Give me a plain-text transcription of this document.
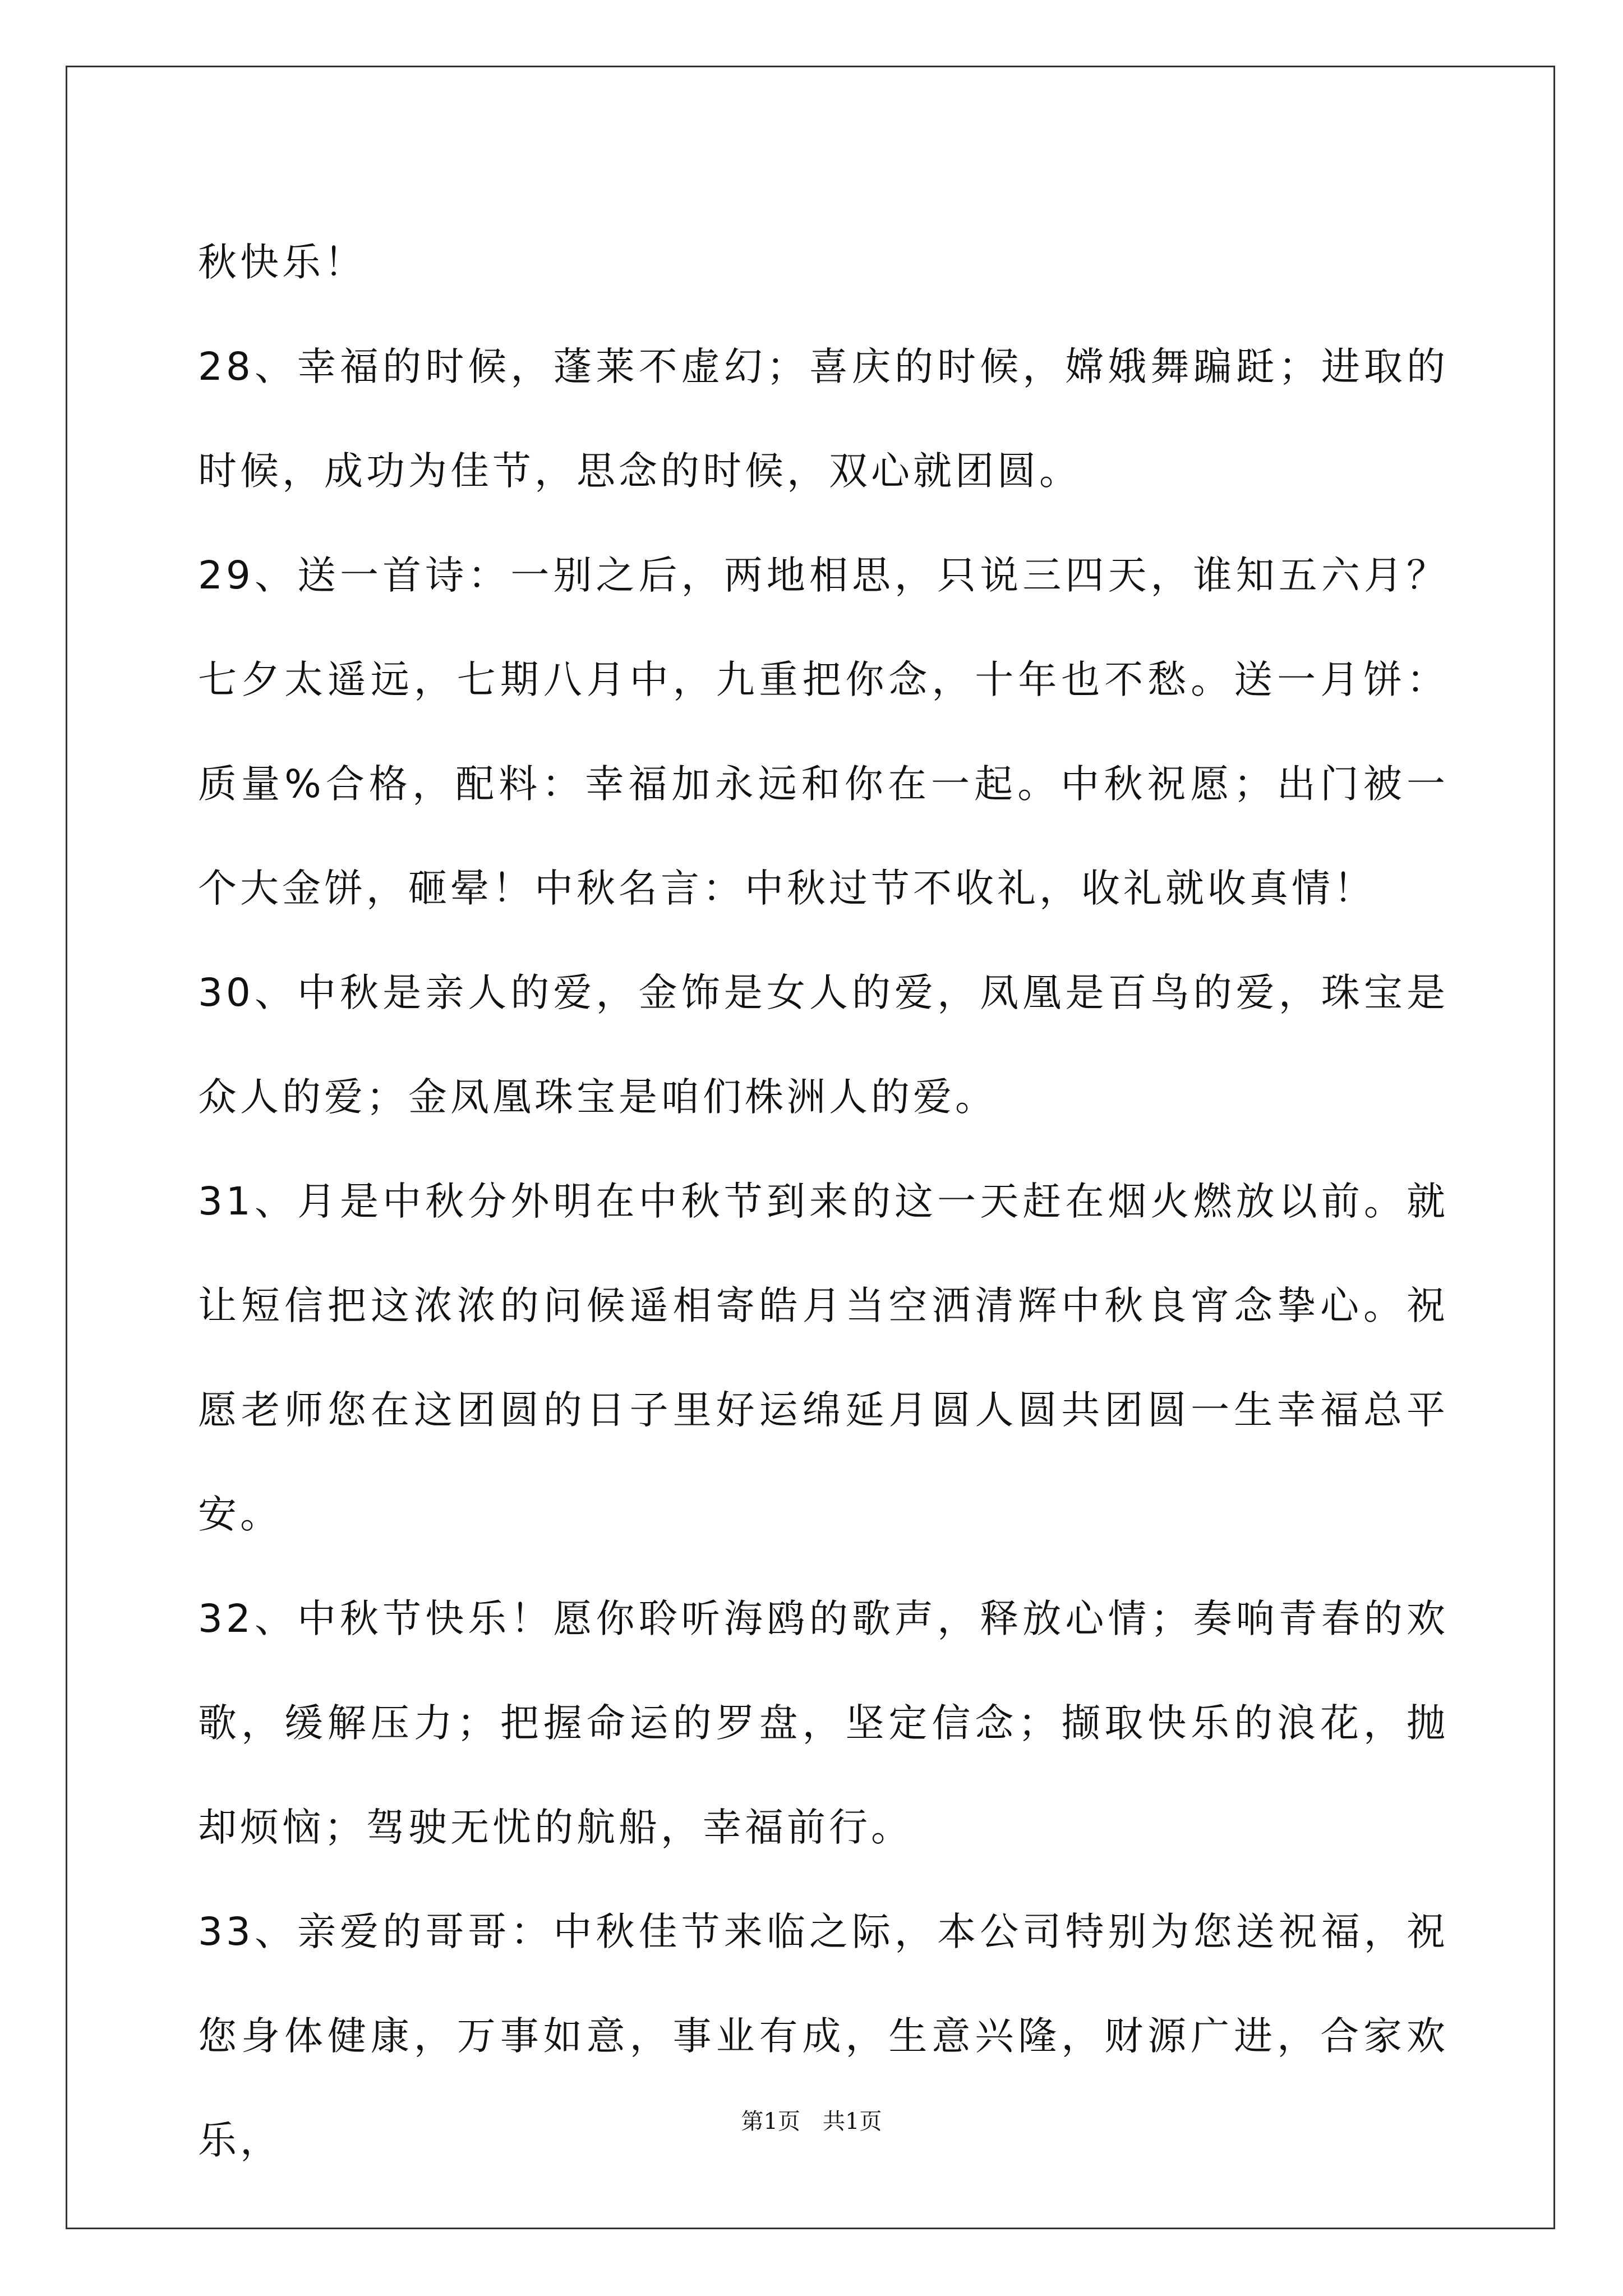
秋快乐！

28、幸福的时候，蓬莱不虚幻；喜庆的时候，嫦娥舞蹁跹；进取的时候，成功为佳节，思念的时候，双心就团圆。

29、送一首诗：一别之后，两地相思，只说三四天，谁知五六月？七夕太遥远，七期八月中，九重把你念，十年也不愁。送一月饼：质量%合格，配料：幸福加永远和你在一起。中秋祝愿；出门被一个大金饼，砸晕！中秋名言：中秋过节不收礼，收礼就收真情！

30、中秋是亲人的爱，金饰是女人的爱，凤凰是百鸟的爱，珠宝是众人的爱；金凤凰珠宝是咱们株洲人的爱。

31、月是中秋分外明在中秋节到来的这一天赶在烟火燃放以前。就让短信把这浓浓的问候遥相寄皓月当空洒清辉中秋良宵念挚心。祝愿老师您在这团圆的日子里好运绵延月圆人圆共团圆一生幸福总平安。

32、中秋节快乐！愿你聆听海鸥的歌声，释放心情；奏响青春的欢歌，缓解压力；把握命运的罗盘，坚定信念；撷取快乐的浪花，抛却烦恼；驾驶无忧的航船，幸福前行。

33、亲爱的哥哥：中秋佳节来临之际，本公司特别为您送祝福，祝您身体健康，万事如意，事业有成，生意兴隆，财源广进，合家欢乐，	第1页　共1页
